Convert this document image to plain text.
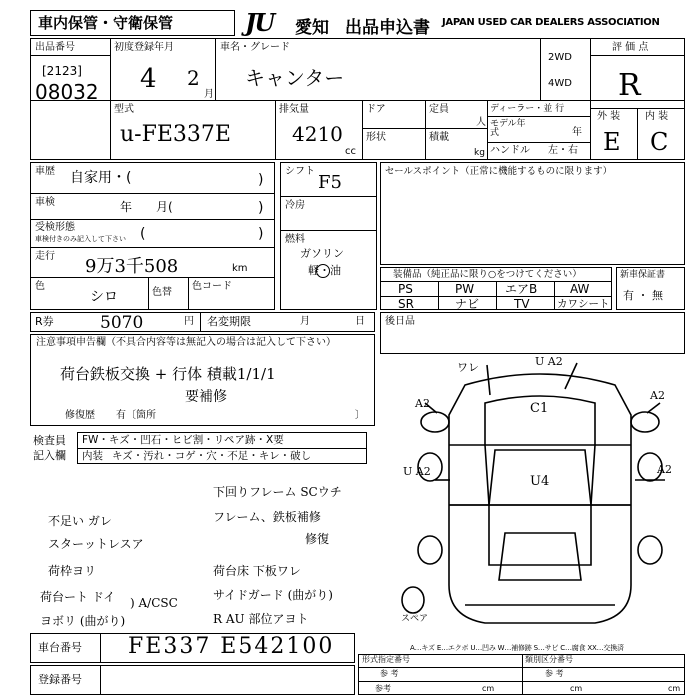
車内保管・守衛保管	JU	愛知 出品申込書 JAPAN USED CAR DEALERS ASSOCIATION
出品番号
[2123]
08032
初度登録年月
4 2
月
車名・グレード
キャンター
2WD
4WD
評 価 点
R
型式
u-FE337E
排気量
4210
cc
ドア	定員
人
形状	積載
kg
ディーラー・並 行
モデル年 式	年
ハンドル 左・右
外 装 内 装
E C
車歴 自家用・(	)
車検	年　　月(	)
受検形態
車検付きのみ記入して下さい (	)
走行 9万3千508	km
色
シロ	色替
色コード
シフト
F5
冷房
燃料
ガソリン
軽・油
セールスポイント（正常に機能するものに限ります）
装備品（純正品に限り○をつけてください）
PS	PW	エアB	AW
SR	ナビ	TV	カワシート
新車保証書
有 ・ 無
R券	5070	円 名変期限	月	日
注意事項申告欄（不具合内容等は無記入の場合は記入して下さい）
荷台鉄板交換 + 行体 積載1/1/1
要補修
修復歴 有〔箇所	〕
後日品
検査員
記入欄
FW・キズ・凹石・ヒビ割・リペア跡・X要
内装 キズ・汚れ・コゲ・穴・不足・キレ・破し
下回りフレーム SCウチ
フレーム、鉄板補修
修復
不足い ガレ
スターットレスア
荷枠ヨリ	荷台床 下板ワレ
荷台ート ドイ ) A/CSC
サイドガード (曲がり)
ヨボリ (曲がり)	R AU 部位アヨト
ワレ	U A2
A2
A2
C1
U A2
U4
A2
スペア
A…キズ E…エクボ U…凹み W…補修跡 S…サビ C…腐食 XX…交換済
車台番号 FE337 E542100
登録番号
形式指定番号	類別区分番号
参 考	参 考
参考	cm	cm	cm
